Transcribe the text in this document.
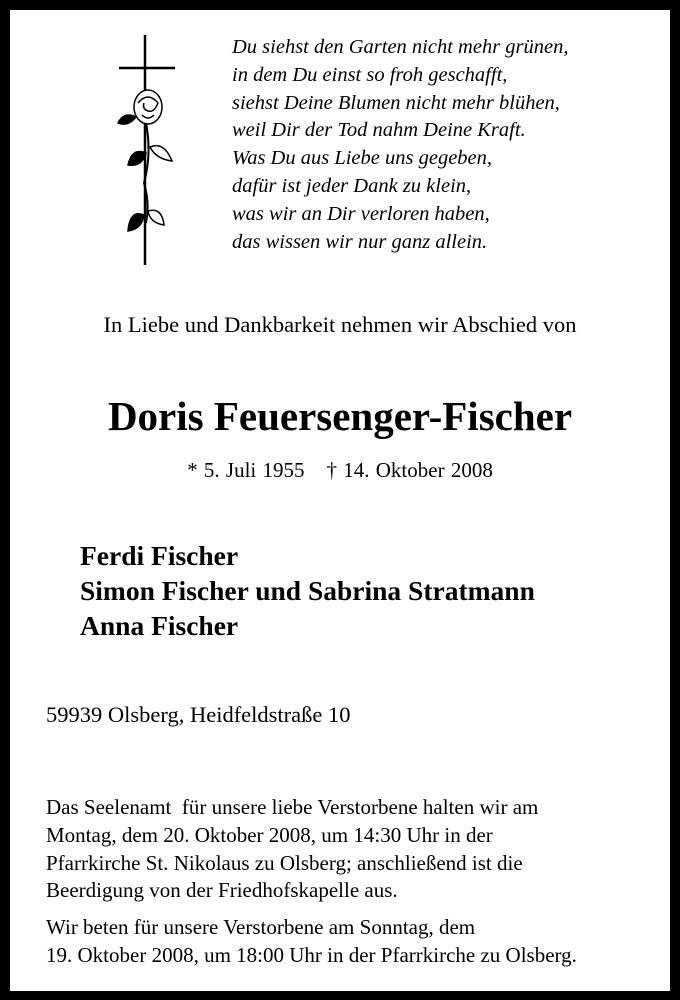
Du siehst den Garten nicht mehr grünen,
in dem Du einst so froh geschafft,
siehst Deine Blumen nicht mehr blühen,
weil Dir der Tod nahm Deine Kraft.
Was Du aus Liebe uns gegeben,
dafür ist jeder Dank zu klein,
was wir an Dir verloren haben,
das wissen wir nur ganz allein.
In Liebe und Dankbarkeit nehmen wir Abschied von
Doris Feuersenger-Fischer
* 5. Juli 1955 † 14. Oktober 2008
Ferdi Fischer
Simon Fischer und Sabrina Stratmann
Anna Fischer
59939 Olsberg, Heidfeldstraße 10
Das Seelenamt  für unsere liebe Verstorbene halten wir am
Montag, dem 20. Oktober 2008, um 14:30 Uhr in der
Pfarrkirche St. Nikolaus zu Olsberg; anschließend ist die
Beerdigung von der Friedhofskapelle aus.
Wir beten für unsere Verstorbene am Sonntag, dem
19. Oktober 2008, um 18:00 Uhr in der Pfarrkirche zu Olsberg.
